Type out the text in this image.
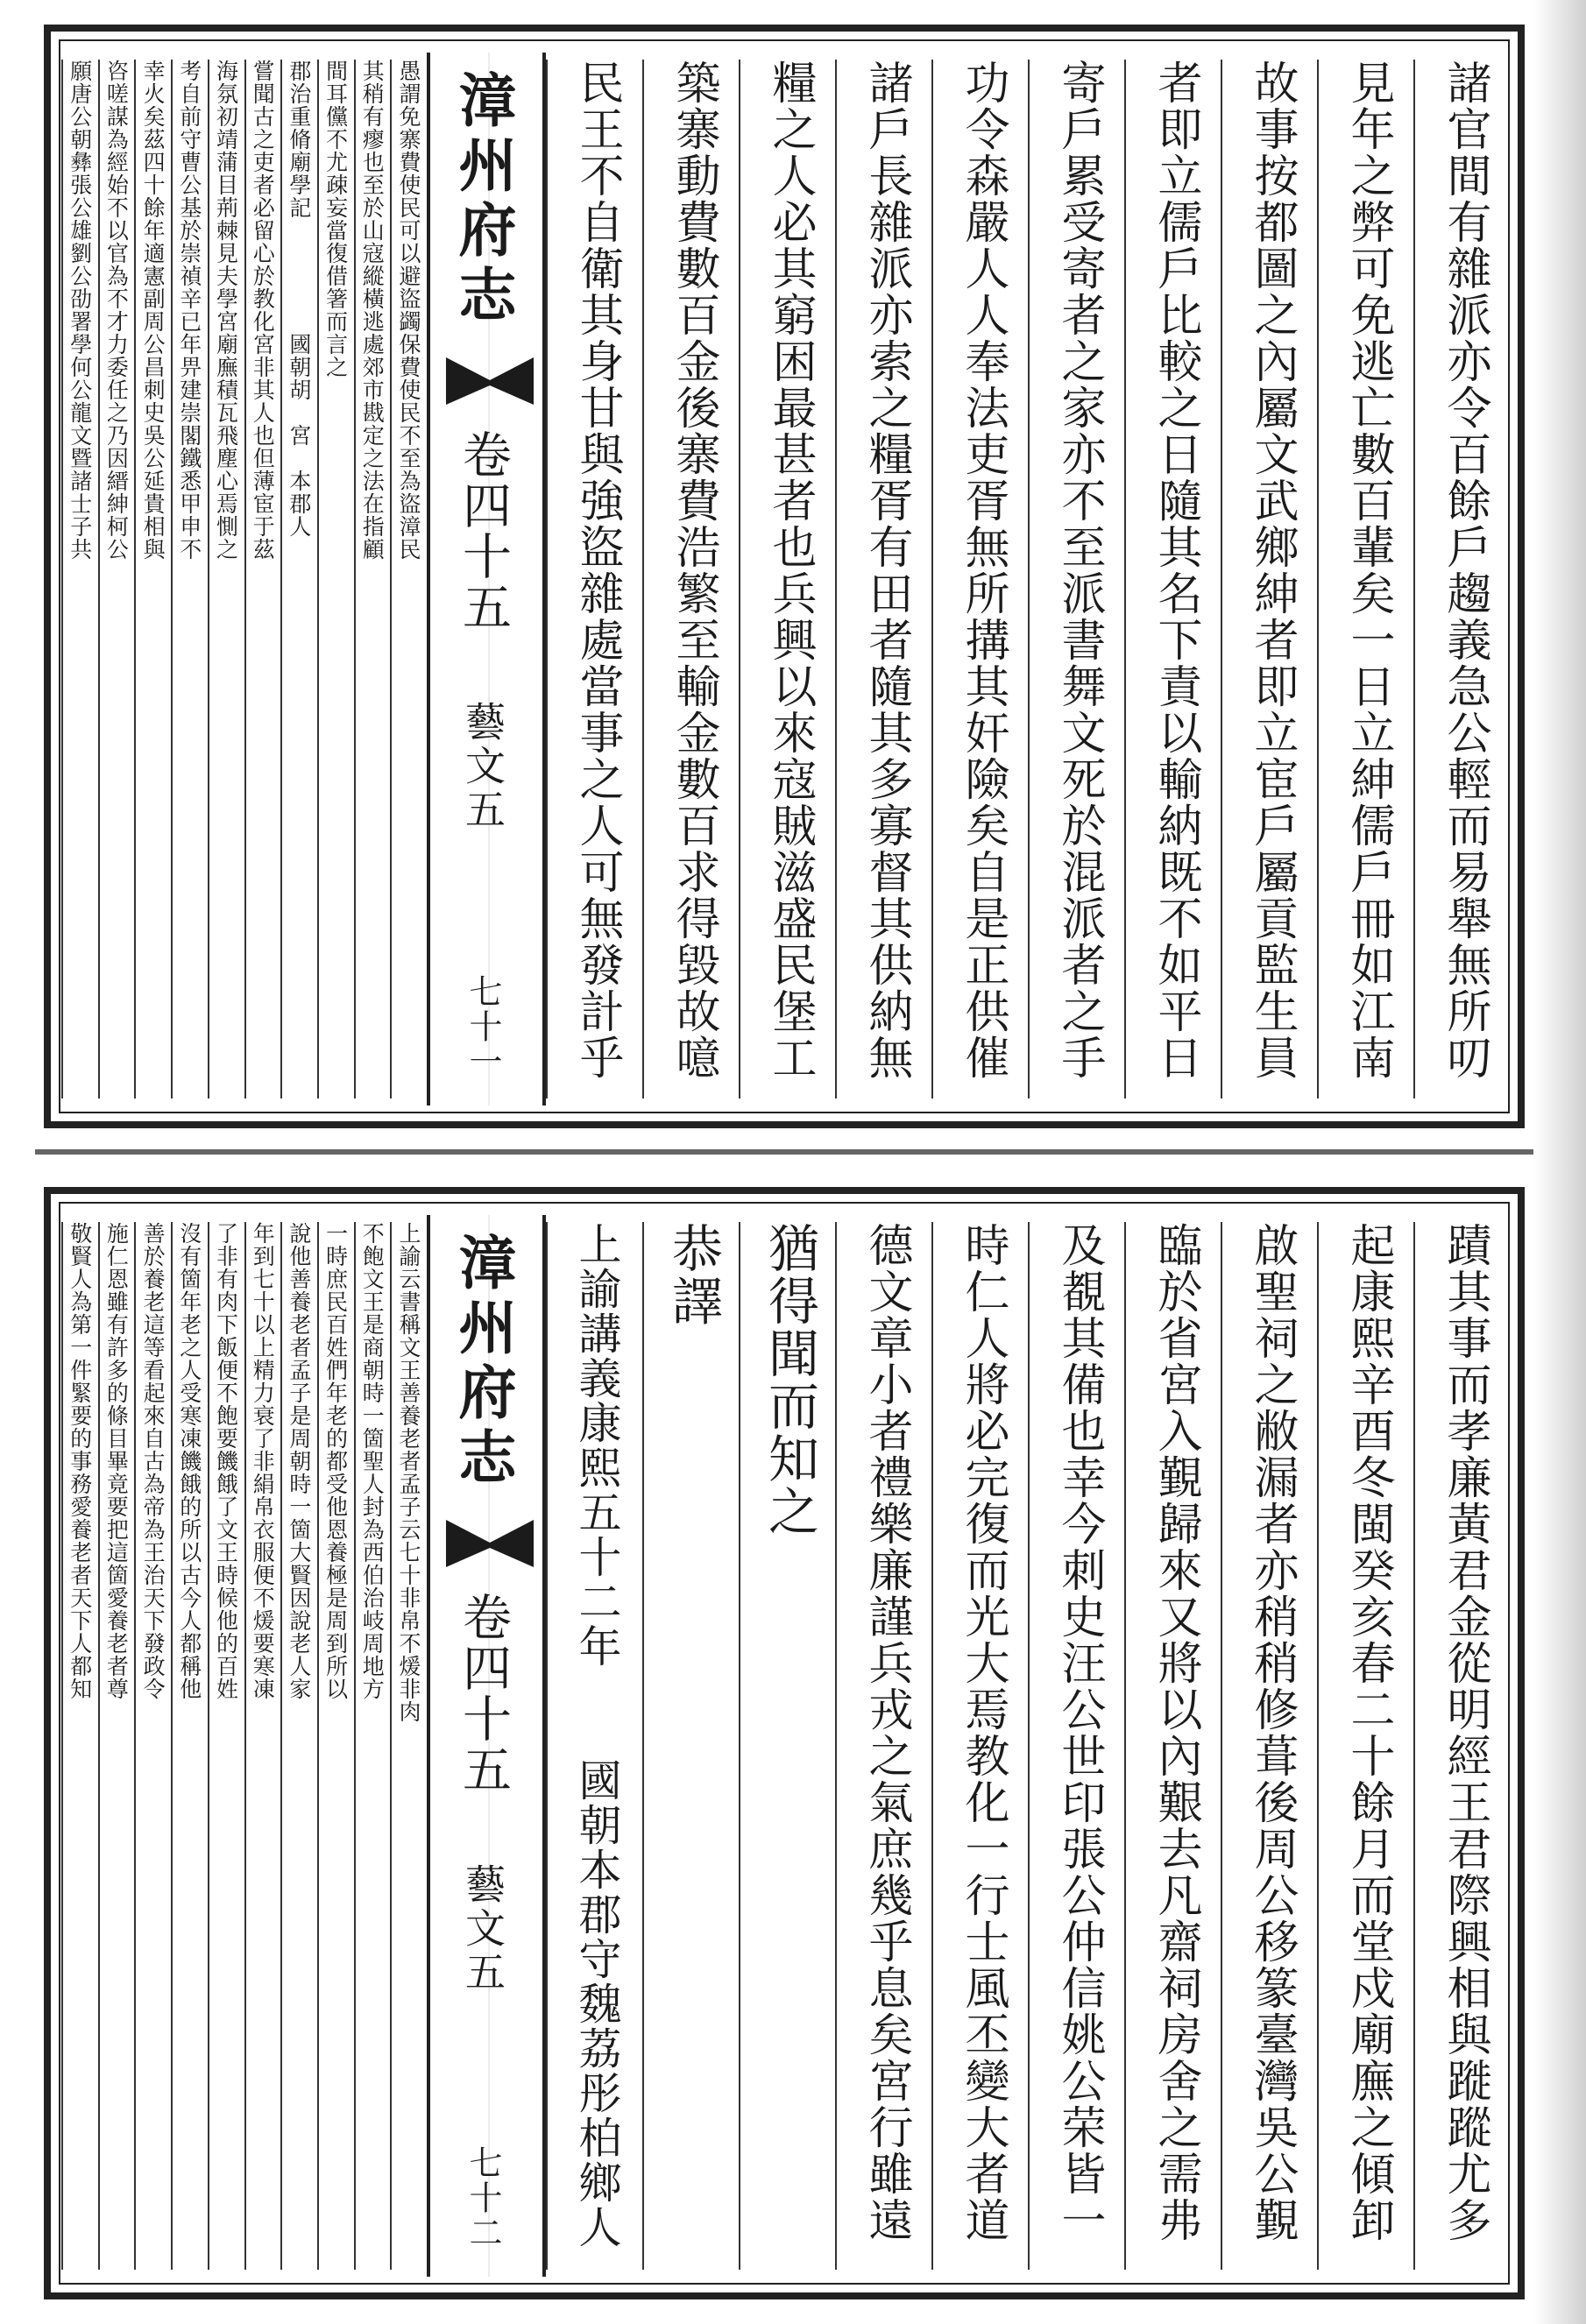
諸官間有雜派亦令百餘戶趨義急公輕而易舉無所叨
見年之弊可免逃亡數百輩矣一日立紳儒戶冊如江南
故事按都圖之內屬文武鄉紳者即立宦戶屬貢監生員
者即立儒戶比較之日隨其名下責以輸納既不如平日
寄戶累受寄者之家亦不至派書舞文死於混派者之手
功令森嚴人人奉法吏胥無所搆其奸險矣自是正供催
諸戶長雜派亦索之糧胥有田者隨其多寡督其供納無
糧之人必其窮困最甚者也兵興以來寇賊滋盛民堡工
築寨動費數百金後寨費浩繁至輸金數百求得毀故噫
民王不自衛其身甘與強盜雜處當事之人可無發計乎
漳州府志
卷四十五
藝文五
七十一
愚謂免寨費使民可以避盜蠲保費使民不至為盜漳民
其稍有瘳也至於山寇縱橫逃處郊市戡定之法在指顧
間耳儻不尤疎妄當復借箸而言之
郡治重脩廟學記　　　　　國朝胡　宮　本郡人
嘗聞古之吏者必留心於教化宮非其人也但薄宦于茲
海氛初靖蒲目荊棘見夫學宮廟廡積瓦飛塵心焉惻之
考自前守曹公基於崇禎辛已年畀建崇閣鐵悉甲申不
幸火矣茲四十餘年適憲副周公昌刺史吳公延貴相與
咨嗟謀為經始不以官為不才力委任之乃因縉紳柯公
願唐公朝彝張公雄劉公劭署學何公龍文暨諸士子共
蹟其事而孝廉黃君金從明經王君際興相與蹝蹤尤多
起康熙辛酉冬閩癸亥春二十餘月而堂戍廟廡之傾卸
啟聖祠之敝漏者亦稍稍修葺後周公移篆臺灣吳公覲
臨於省宮入覲歸來又將以內艱去凡齋祠房舍之需弗
及覩其備也幸今刺史汪公世印張公仲信姚公荣皆一
時仁人將必完復而光大焉教化一行士風丕變大者道
德文章小者禮樂廉謹兵戎之氣庶幾乎息矣宮行雖遠
猶得聞而知之
恭譯
上諭講義康熙五十二年　　國朝本郡守魏荔彤柏鄉人
漳州府志
卷四十五
藝文五
七十二
上諭云書稱文王善養老者孟子云七十非帛不煖非肉
不飽文王是商朝時一箇聖人封為西伯治岐周地方
一時庶民百姓們年老的都受他恩養極是周到所以
說他善養老者孟子是周朝時一箇大賢因說老人家
年到七十以上精力衰了非絹帛衣服便不煖要寒凍
了非有肉下飯便不飽要饑餓了文王時候他的百姓
沒有箇年老之人受寒凍饑餓的所以古今人都稱他
善於養老這等看起來自古為帝為王治天下發政令
施仁恩雖有許多的條目畢竟要把這箇愛養老者尊
敬賢人為第一件緊要的事務愛養老者天下人都知
